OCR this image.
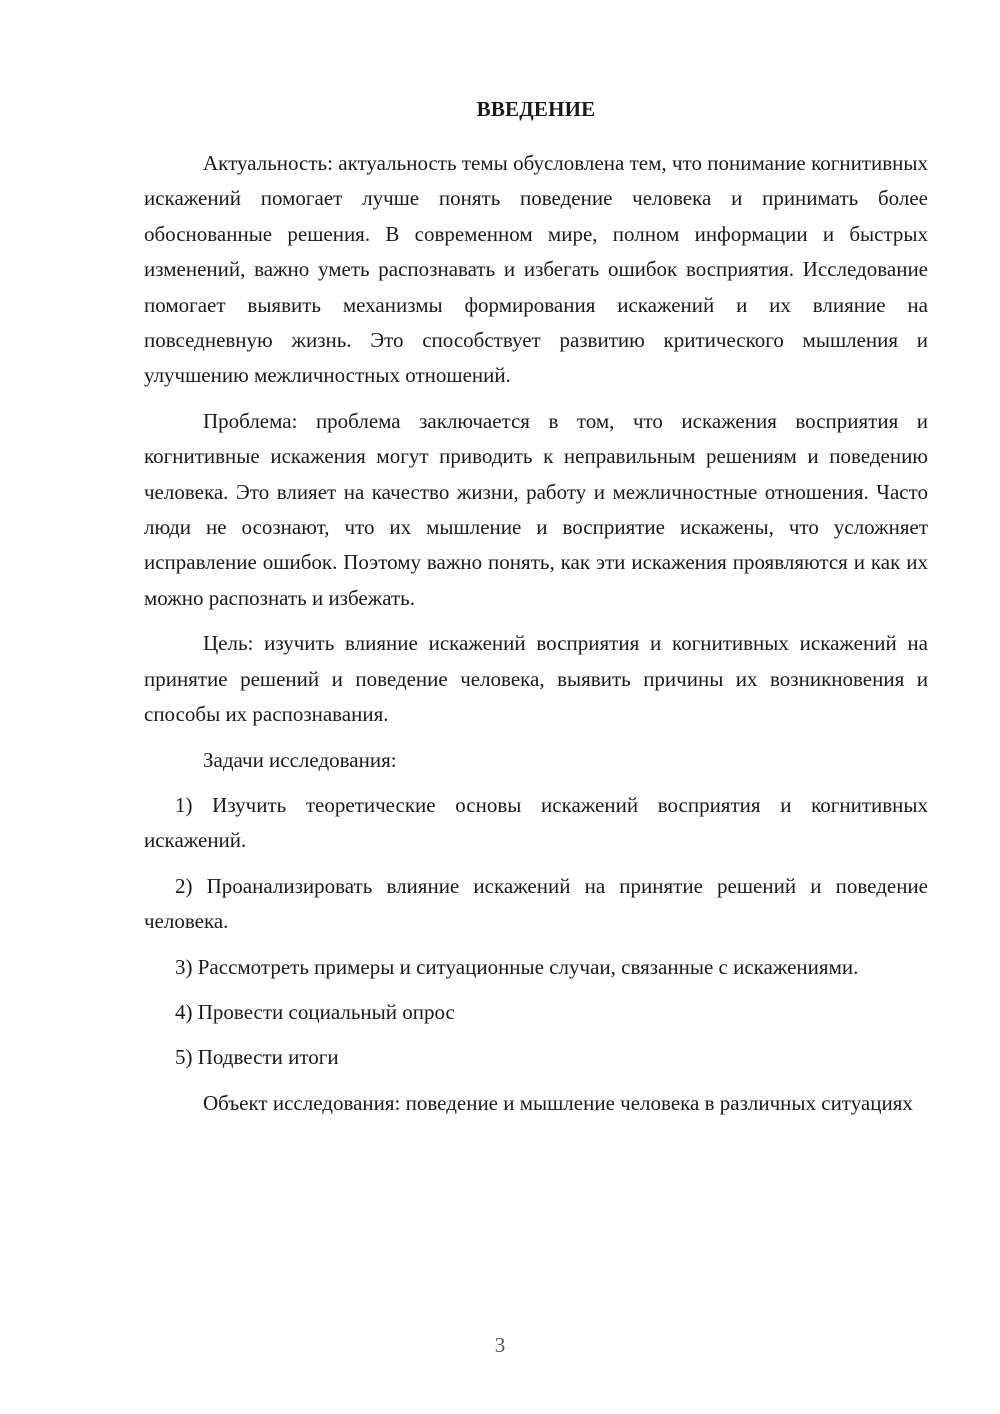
ВВЕДЕНИЕ

Актуальность: актуальность темы обусловлена тем, что понимание когнитивных искажений помогает лучше понять поведение человека и принимать более обоснованные решения. В современном мире, полном информации и быстрых изменений, важно уметь распознавать и избегать ошибок восприятия. Исследование помогает выявить механизмы формирования искажений и их влияние на повседневную жизнь. Это способствует развитию критического мышления и улучшению межличностных отношений.

Проблема: проблема заключается в том, что искажения восприятия и когнитивные искажения могут приводить к неправильным решениям и поведению человека. Это влияет на качество жизни, работу и межличностные отношения. Часто люди не осознают, что их мышление и восприятие искажены, что усложняет исправление ошибок. Поэтому важно понять, как эти искажения проявляются и как их можно распознать и избежать.

Цель: изучить влияние искажений восприятия и когнитивных искажений на принятие решений и поведение человека, выявить причины их возникновения и способы их распознавания.

Задачи исследования:

1) Изучить теоретические основы искажений восприятия и когнитивных искажений.

2) Проанализировать влияние искажений на принятие решений и поведение человека.

3) Рассмотреть примеры и ситуационные случаи, связанные с искажениями.

4) Провести социальный опрос

5) Подвести итоги

Объект исследования: поведение и мышление человека в различных ситуациях

3
